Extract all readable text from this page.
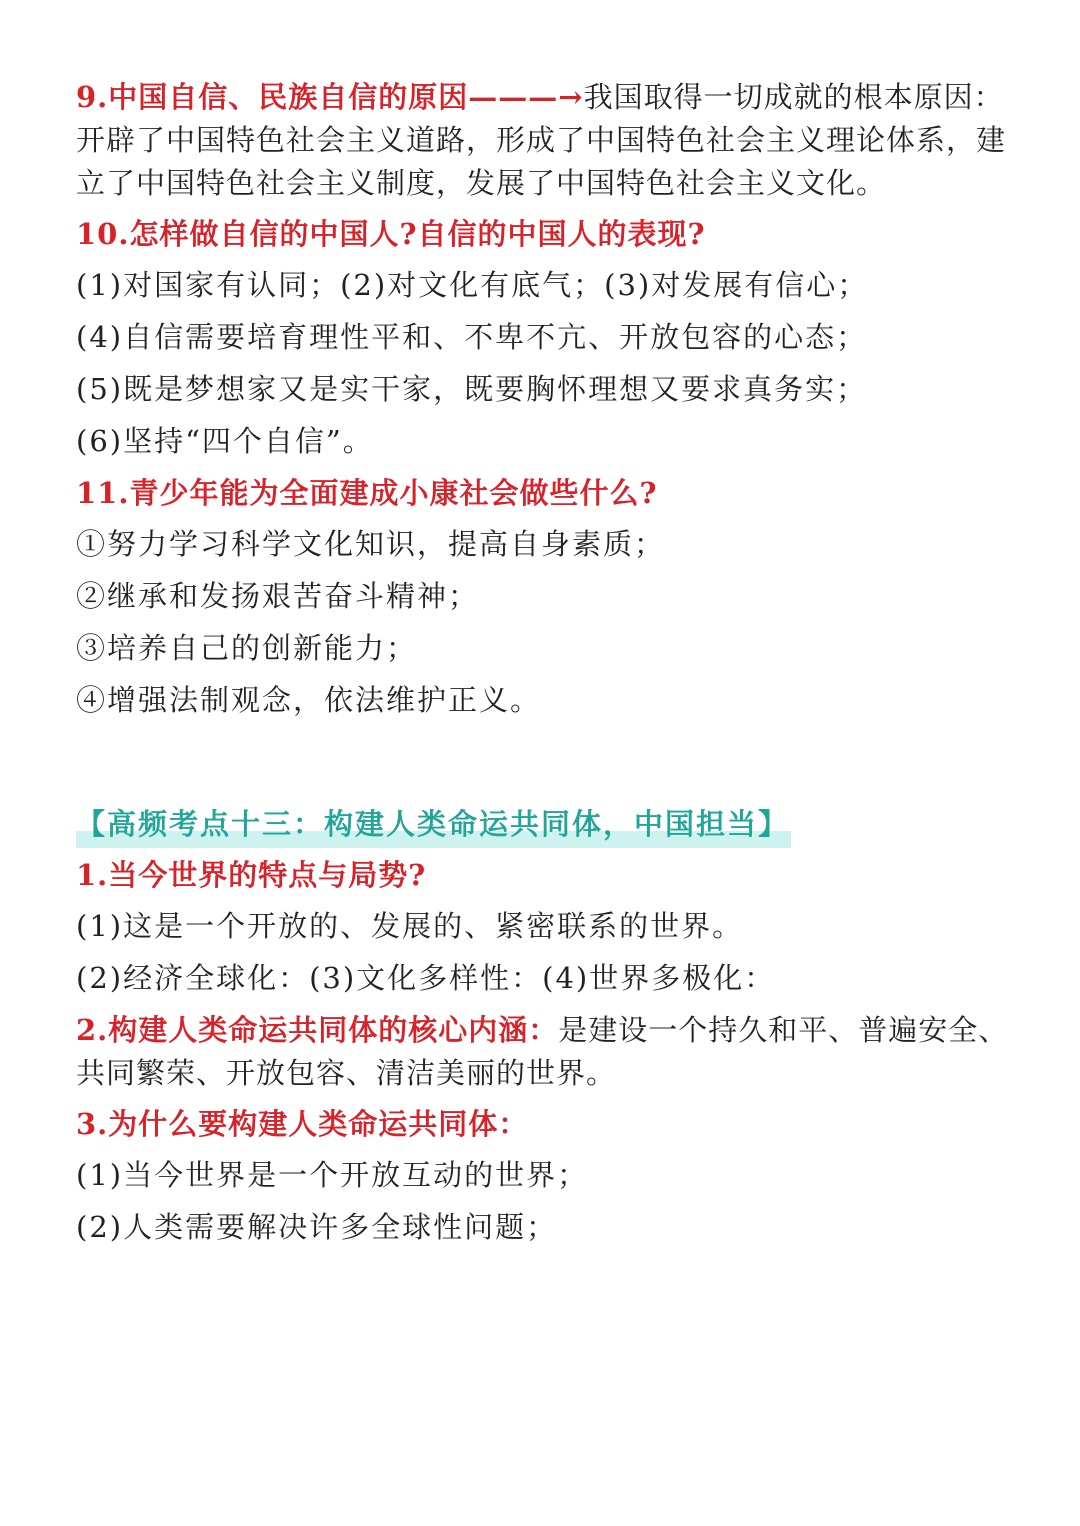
9.中国自信、民族自信的原因———→我国取得一切成就的根本原因：开辟了中国特色社会主义道路，形成了中国特色社会主义理论体系，建立了中国特色社会主义制度，发展了中国特色社会主义文化。

10.怎样做自信的中国人?自信的中国人的表现?

(1)对国家有认同；(2)对文化有底气；(3)对发展有信心；

(4)自信需要培育理性平和、不卑不亢、开放包容的心态；

(5)既是梦想家又是实干家，既要胸怀理想又要求真务实；

(6)坚持“四个自信”。

11.青少年能为全面建成小康社会做些什么?

①努力学习科学文化知识，提高自身素质；

②继承和发扬艰苦奋斗精神；

③培养自己的创新能力；

④增强法制观念，依法维护正义。

【高频考点十三：构建人类命运共同体，中国担当】

1.当今世界的特点与局势?

(1)这是一个开放的、发展的、紧密联系的世界。

(2)经济全球化：(3)文化多样性：(4)世界多极化：

2.构建人类命运共同体的核心内涵：是建设一个持久和平、普遍安全、共同繁荣、开放包容、清洁美丽的世界。

3.为什么要构建人类命运共同体：

(1)当今世界是一个开放互动的世界；

(2)人类需要解决许多全球性问题；
